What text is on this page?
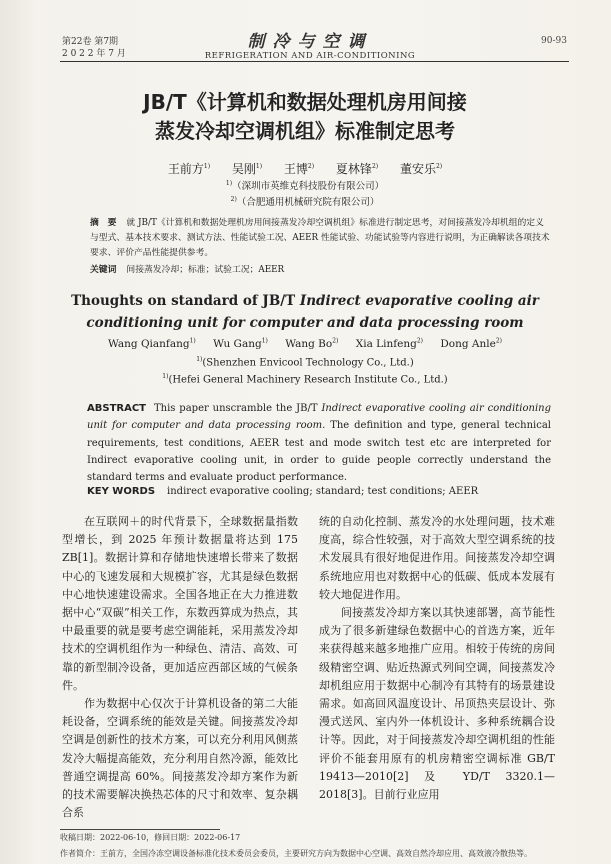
第22卷 第7期
2 0 2 2 年 7 月
制冷与空调
REFRIGERATION AND AIR-CONDITIONING
90-93
JB/T《计算机和数据处理机房用间接
蒸发冷却空调机组》标准制定思考
王前方$^{1)}$ 吴刚$^{1)}$ 王博$^{2)}$ 夏林锋$^{2)}$ 董安乐$^{2)}$
$^{1)}$（深圳市英维克科技股份有限公司）
$^{2)}$（合肥通用机械研究院有限公司）
摘　要 就 JB/T《计算机和数据处理机房用间接蒸发冷却空调机组》标准进行制定思考，对间接蒸发冷却机组的定义与型式、基本技术要求、测试方法、性能试验工况、AEER 性能试验、功能试验等内容进行说明，为正确解读各项技术要求、评价产品性能提供参考。
关键词 间接蒸发冷却；标准；试验工况；AEER
Thoughts on standard of JB/T Indirect evaporative cooling air
conditioning unit for computer and data processing room
Wang Qianfang$^{1)}$ Wu Gang$^{1)}$ Wang Bo$^{2)}$ Xia Linfeng$^{2)}$ Dong Anle$^{2)}$
$^{1)}$(Shenzhen Envicool Technology Co., Ltd.)
$^{1)}$(Hefei General Machinery Research Institute Co., Ltd.)
ABSTRACT This paper unscramble the JB/T Indirect evaporative cooling air conditioning unit for computer and data processing room. The definition and type, general technical requirements, test conditions, AEER test and mode switch test etc are interpreted for Indirect evaporative cooling unit, in order to guide people correctly understand the standard terms and evaluate product performance.
KEY WORDS indirect evaporative cooling; standard; test conditions; AEER

在互联网＋的时代背景下，全球数据量指数型增长，到 2025 年预计数据量将达到 175 ZB[1]。数据计算和存储地快速增长带来了数据中心的飞速发展和大规模扩容，尤其是绿色数据中心地快速建设需求。全国各地正在大力推进数据中心“双碳”相关工作，东数西算成为热点，其中最重要的就是要考虑空调能耗，采用蒸发冷却技术的空调机组作为一种绿色、清洁、高效、可靠的新型制冷设备，更加适应西部区域的气候条件。

作为数据中心仅次于计算机设备的第二大能耗设备，空调系统的能效是关键。间接蒸发冷却空调是创新性的技术方案，可以充分利用风侧蒸发冷大幅提高能效，充分利用自然冷源，能效比普通空调提高 60%。间接蒸发冷却方案作为新的技术需要解决换热芯体的尺寸和效率、复杂耦合系

统的自动化控制、蒸发冷的水处理问题，技术难度高，综合性较强，对于高效大型空调系统的技术发展具有很好地促进作用。间接蒸发冷却空调系统地应用也对数据中心的低碳、低成本发展有较大地促进作用。

间接蒸发冷却方案以其快速部署，高节能性成为了很多新建绿色数据中心的首选方案，近年来获得越来越多地推广应用。相较于传统的房间级精密空调、贴近热源式列间空调，间接蒸发冷却机组应用于数据中心制冷有其特有的场景建设需求。如高回风温度设计、吊顶热夹层设计、弥漫式送风、室内外一体机设计、多种系统耦合设计等。因此，对于间接蒸发冷却空调机组的性能评价不能套用原有的机房精密空调标准 GB/T 19413—2010[2] 及 YD/T 3320.1—2018[3]。目前行业应用

收稿日期：2022-06-10，修回日期：2022-06-17
作者简介：王前方，全国冷冻空调设备标准化技术委员会委员，主要研究方向为数据中心空调、高效自然冷却应用、高效液冷散热等。
